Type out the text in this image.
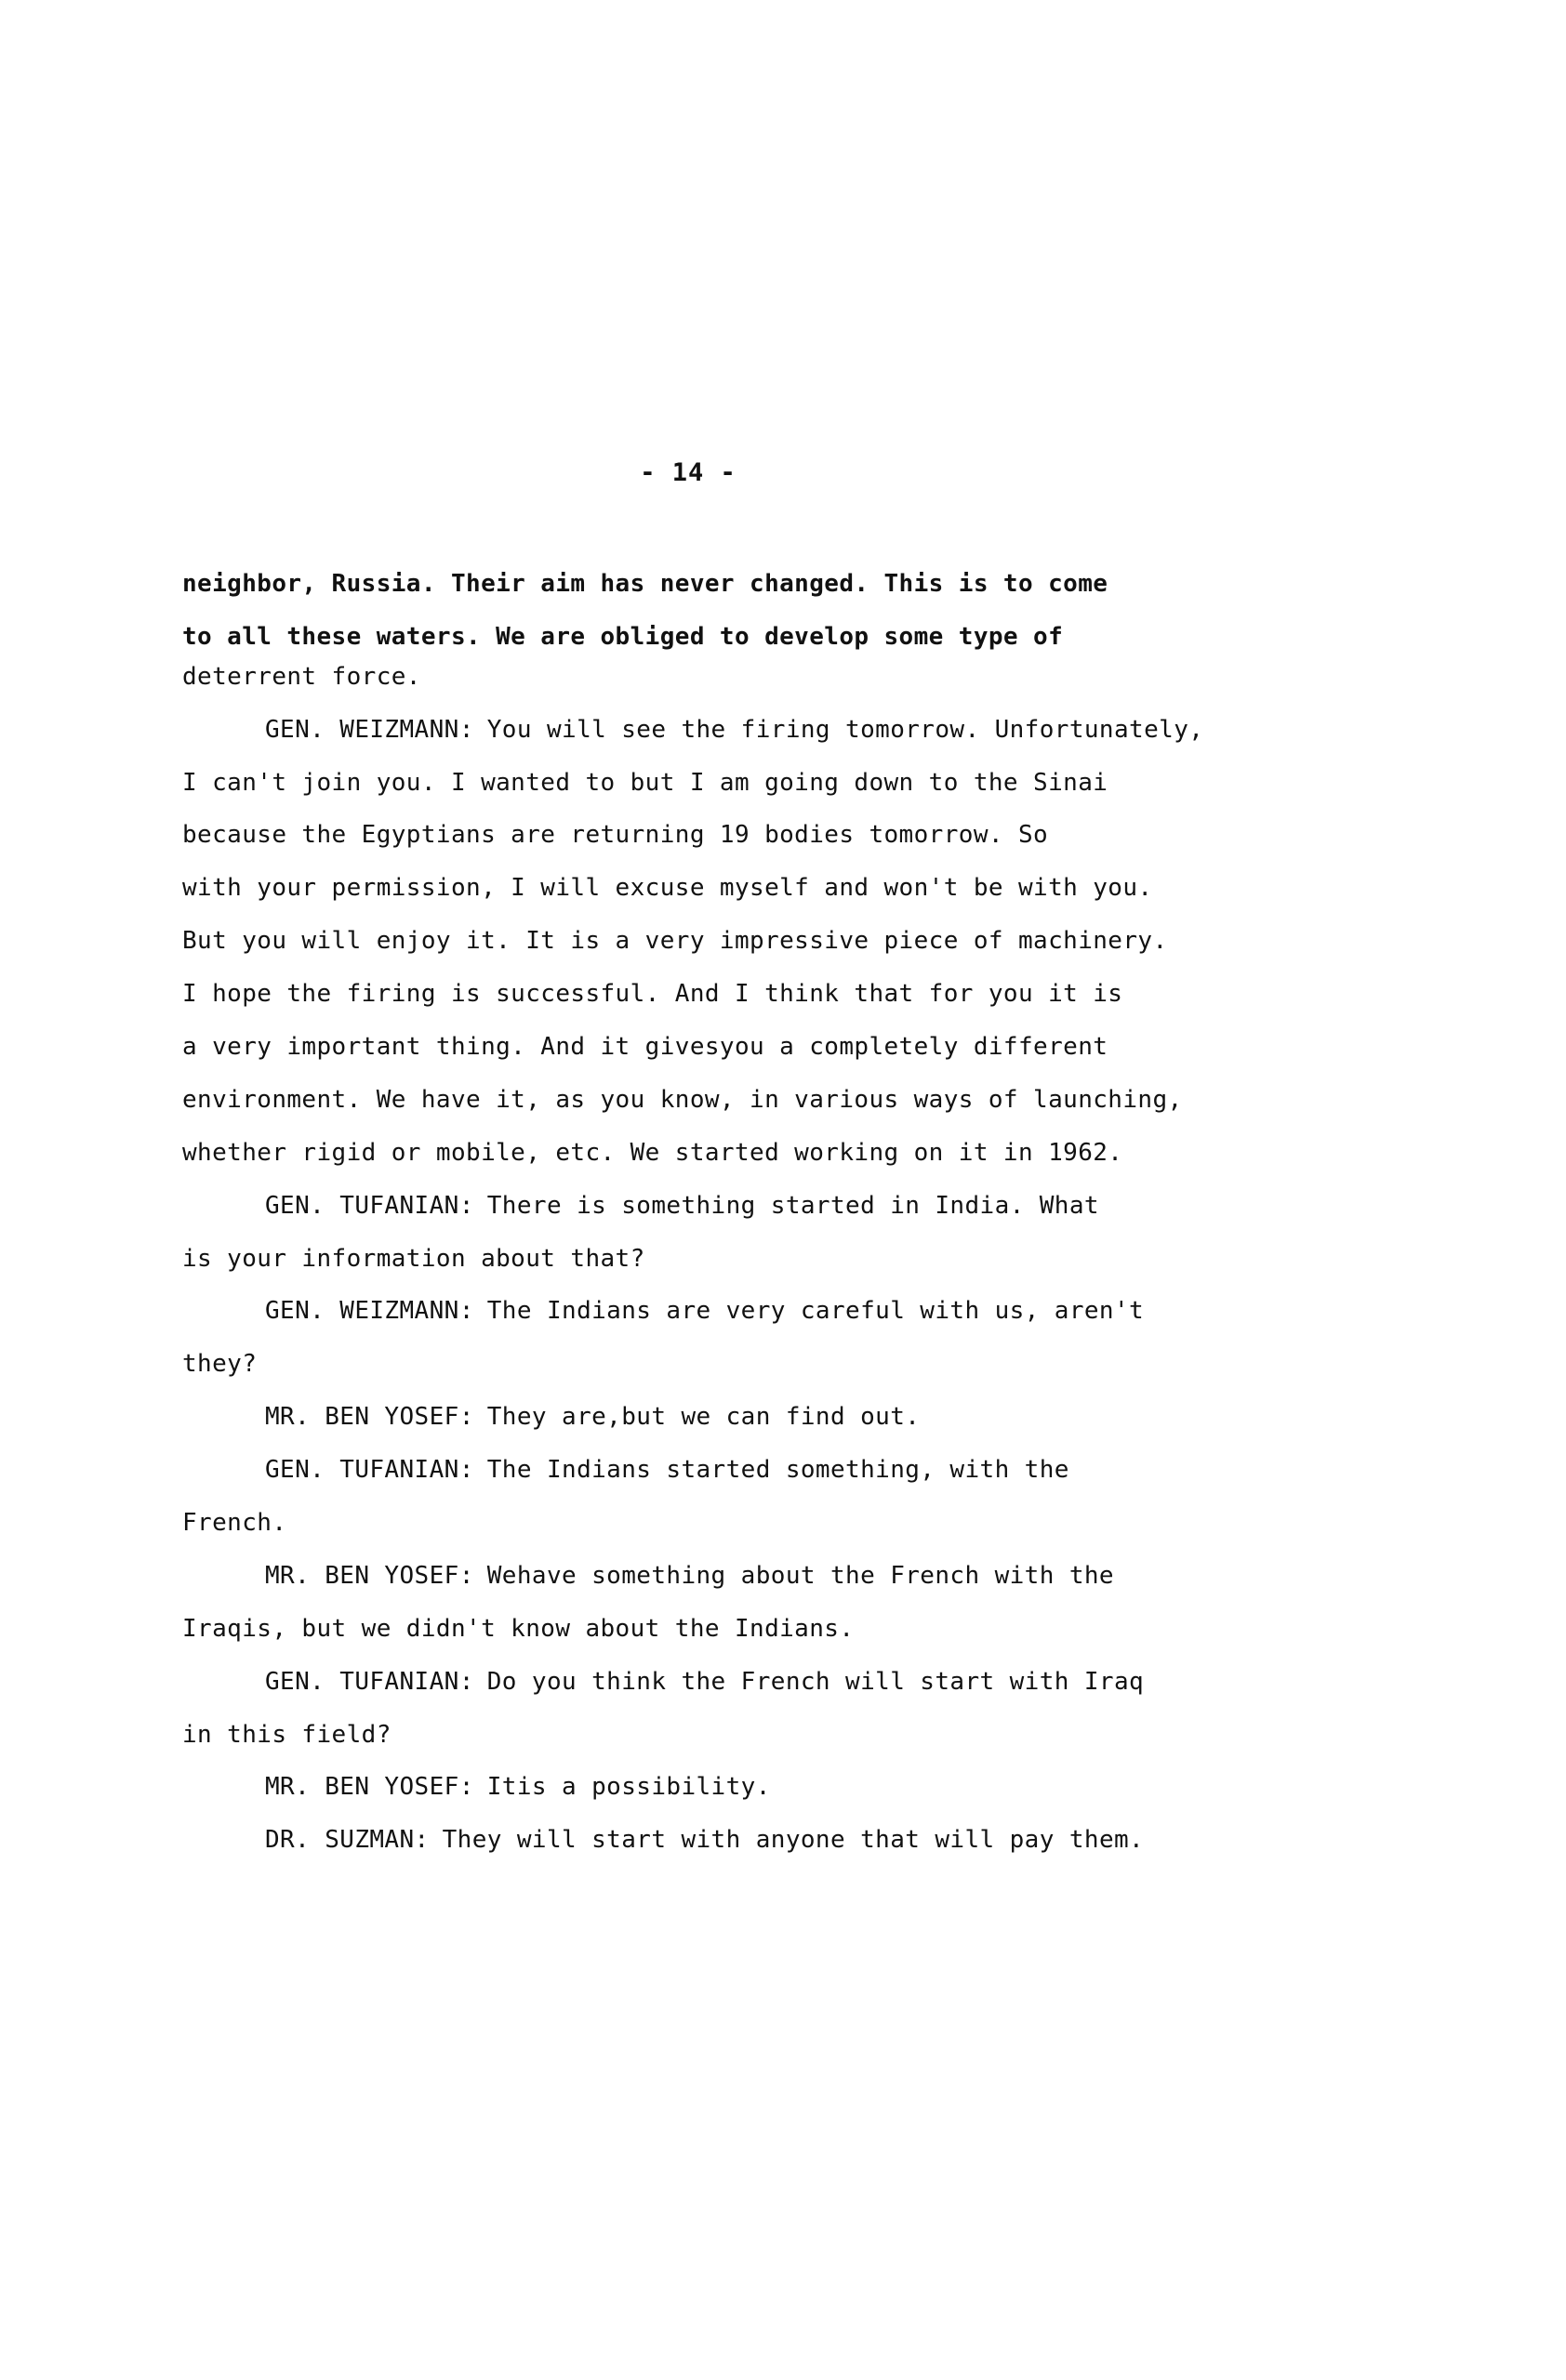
- 14 -
neighbor, Russia. Their aim has never changed. This is to come
to all these waters. We are obliged to develop some type of
deterrent force.
GEN. WEIZMANN: You will see the firing tomorrow. Unfortunately,
I can't join you. I wanted to but I am going down to the Sinai
because the Egyptians are returning 19 bodies tomorrow. So
with your permission, I will excuse myself and won't be with you.
But you will enjoy it. It is a very impressive piece of machinery.
I hope the firing is successful. And I think that for you it is
a very important thing. And it givesyou a completely different
environment. We have it, as you know, in various ways of launching,
whether rigid or mobile, etc. We started working on it in 1962.
GEN. TUFANIAN: There is something started in India. What
is your information about that?
GEN. WEIZMANN: The Indians are very careful with us, aren't
they?
MR. BEN YOSEF: They are,but we can find out.
GEN. TUFANIAN: The Indians started something, with the
French.
MR. BEN YOSEF: Wehave something about the French with the
Iraqis, but we didn't know about the Indians.
GEN. TUFANIAN: Do you think the French will start with Iraq
in this field?
MR. BEN YOSEF: Itis a possibility.
DR. SUZMAN: They will start with anyone that will pay them.
